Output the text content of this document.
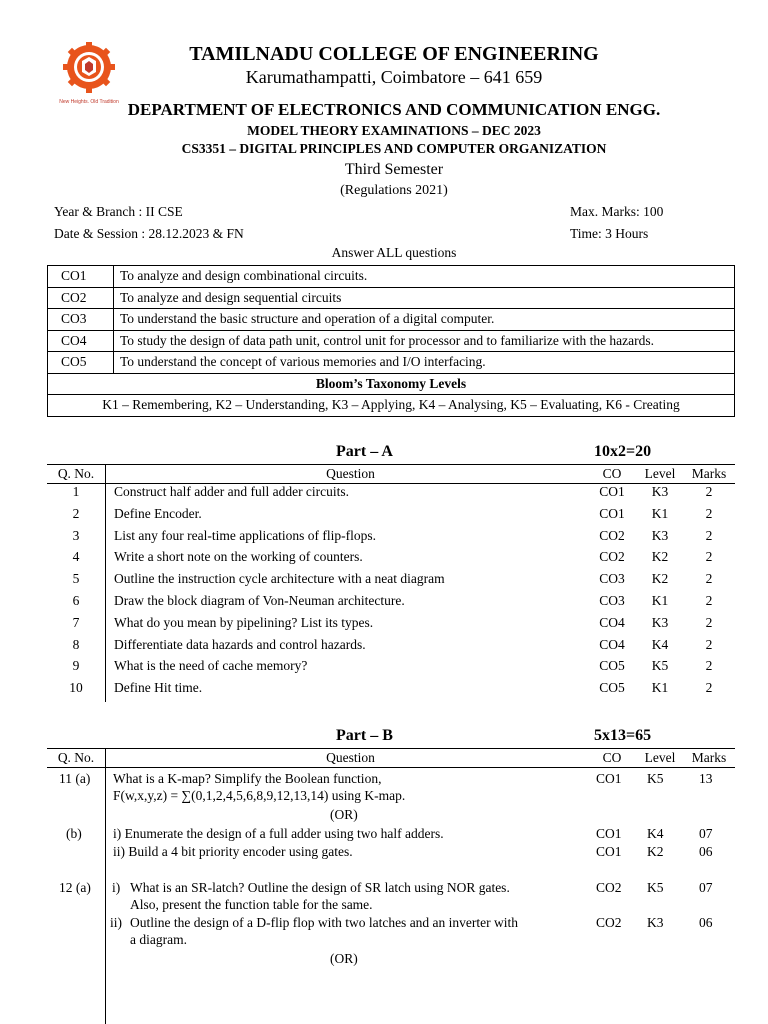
New Heights. Old Tradition
TAMILNADU COLLEGE OF ENGINEERING
Karumathampatti, Coimbatore – 641 659
DEPARTMENT OF ELECTRONICS AND COMMUNICATION ENGG.
MODEL THEORY EXAMINATIONS – DEC 2023
CS3351 – DIGITAL PRINCIPLES AND COMPUTER ORGANIZATION
Third Semester
(Regulations 2021)
Year & Branch : II CSE
Date & Session : 28.12.2023 & FN
Max. Marks: 100
Time: 3 Hours
Answer ALL questions
CO1	To analyze and design combinational circuits.
CO2	To analyze and design sequential circuits
CO3	To understand the basic structure and operation of a digital computer.
CO4	To study the design of data path unit, control unit for processor and to familiarize with the hazards.
CO5	To understand the concept of various memories and I/O interfacing.
Bloom’s Taxonomy Levels	
K1 – Remembering, K2 – Understanding, K3 – Applying, K4 – Analysing, K5 – Evaluating, K6 - Creating	
Part – A	10x2=20
Q. No.	Question	CO	Level	Marks
1	Construct half adder and full adder circuits.	CO1	K3	2
2	Define Encoder.	CO1	K1	2
3	List any four real-time applications of flip-flops.	CO2	K3	2
4	Write a short note on the working of counters.	CO2	K2	2
5	Outline the instruction cycle architecture with a neat diagram	CO3	K2	2
6	Draw the block diagram of Von-Neuman architecture.	CO3	K1	2
7	What do you mean by pipelining? List its types.	CO4	K3	2
8	Differentiate data hazards and control hazards.	CO4	K4	2
9	What is the need of cache memory?	CO5	K5	2
10	Define Hit time.	CO5	K1	2
Part – B	5x13=65
Q. No.	Question	CO	Level	Marks
11 (a) What is a K-map? Simplify the Boolean function,
F(w,x,y,z) = ∑(0,1,2,4,5,6,8,9,12,13,14) using K-map.
CO1 K5	13
(OR)
(b) i) Enumerate the design of a full adder using two half adders.	CO1 K4	07
ii) Build a 4 bit priority encoder using gates.	CO1 K2	06
12 (a) i) What is an SR-latch? Outline the design of SR latch using NOR gates.
Also, present the function table for the same.
CO2 K5	07
ii) Outline the design of a D-flip flop with two latches and an inverter with
a diagram.
CO2 K3	06
(OR)
